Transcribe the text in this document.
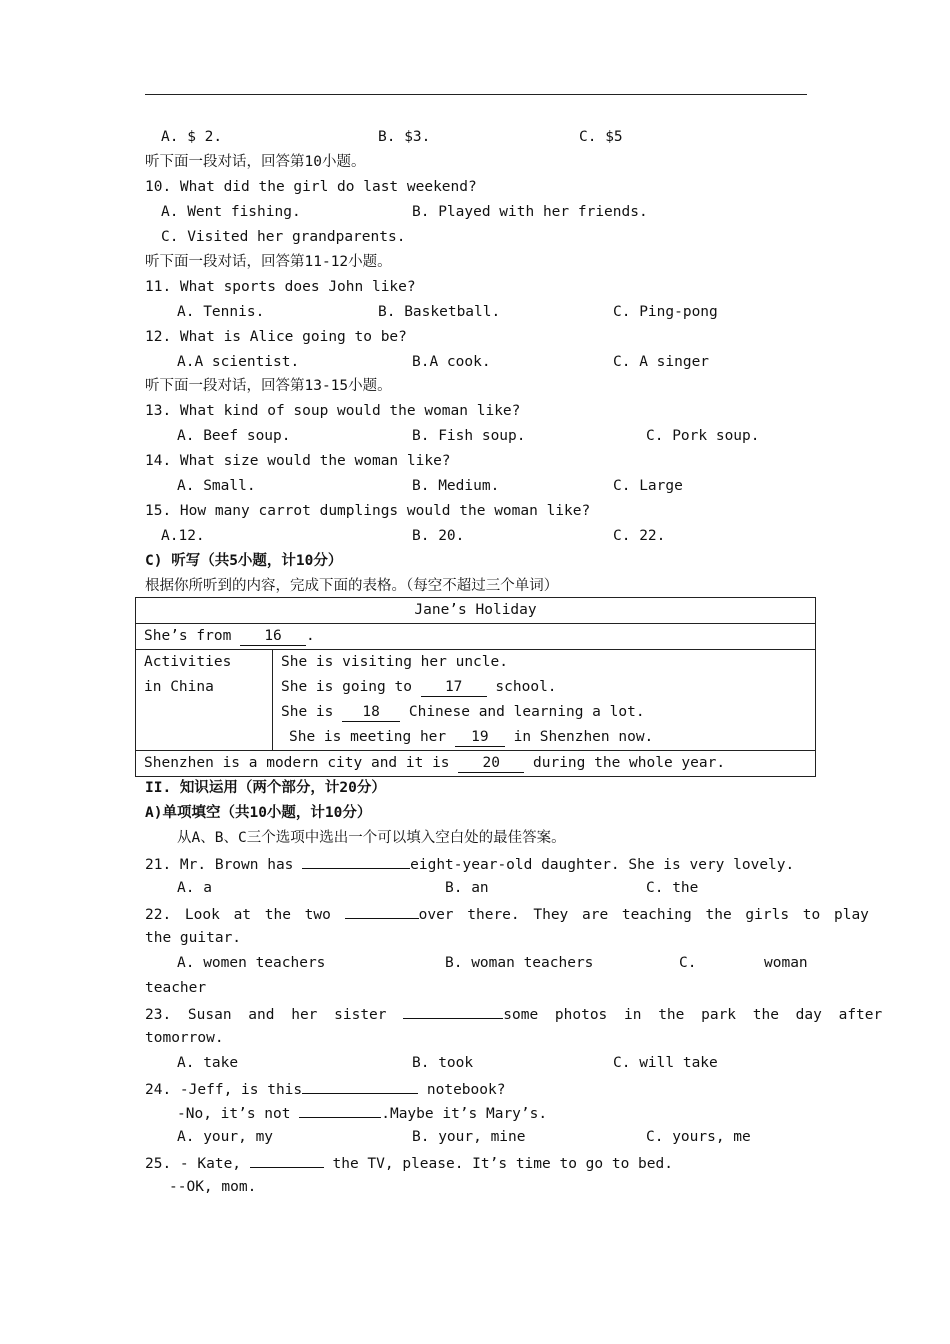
A. $ 2.	B. $3.	C. $5
听下面一段对话，回答第10小题。
10. What did the girl do last weekend?
A. Went fishing.	B. Played with her friends.
C. Visited her grandparents.
听下面一段对话，回答第11-12小题。
11. What sports does John like?
A. Tennis.	B. Basketball.	C. Ping-pong
12. What is Alice going to be?
A.A scientist.	B.A cook.	C. A singer
听下面一段对话，回答第13-15小题。
13. What kind of soup would the woman like?
A. Beef soup.	B. Fish soup.	C. Pork soup.
14. What size would the woman like?
A. Small.	B. Medium.	C. Large
15. How many carrot dumplings would the woman like?
A.12.	B. 20.	C. 22.
C) 听写（共5小题，计10分）
根据你所听到的内容，完成下面的表格。（每空不超过三个单词）
Jane’s Holiday
She’s from 16 .

Activities
in China

She is visiting her uncle.
She is going to 17 school.
She is 18 Chinese and learning a lot.
She is meeting her 19 in Shenzhen now.

Shenzhen is a modern city and it is 20 during the whole year.
II. 知识运用（两个部分，计20分）
A)单项填空（共10小题，计10分）
从A、B、C三个选项中选出一个可以填入空白处的最佳答案。
21. Mr. Brown has	eight-year-old daughter. She is very lovely.
A. a	B. an	C. the
22. Look at the two	over there. They are teaching the girls to play
the guitar.
A. women teachers	B. woman teachers	C.	woman
teacher
23. Susan and her sister	some photos in the park the day after
tomorrow.
A. take	B. took	C. will take
24. -Jeff, is this	notebook?
-No, it’s not	.Maybe it’s Mary’s.
A. your, my	B. your, mine	C. yours, me
25. - Kate,	the TV, please. It’s time to go to bed.
--OK, mom.
